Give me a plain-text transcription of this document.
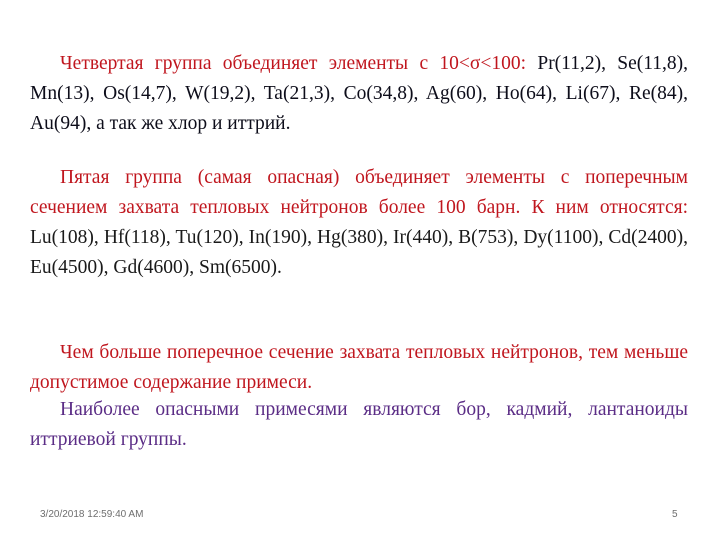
Четвертая группа объединяет элементы с 10<σ<100: Pr(11,2), Se(11,8), Mn(13), Os(14,7), W(19,2), Ta(21,3), Co(34,8), Ag(60), Ho(64), Li(67), Re(84), Au(94), а так же хлор и иттрий.

Пятая группа (самая опасная) объединяет элементы с поперечным сечением захвата тепловых нейтронов более 100 барн. К ним относятся: Lu(108), Hf(118), Tu(120), In(190), Hg(380), Ir(440), B(753), Dy(1100), Cd(2400), Eu(4500), Gd(4600), Sm(6500).

Чем больше поперечное сечение захвата тепловых нейтронов, тем меньше допустимое содержание примеси.

Наиболее опасными примесями являются бор, кадмий, лантаноиды иттриевой группы.

3/20/2018 12:59:40 AM	5
